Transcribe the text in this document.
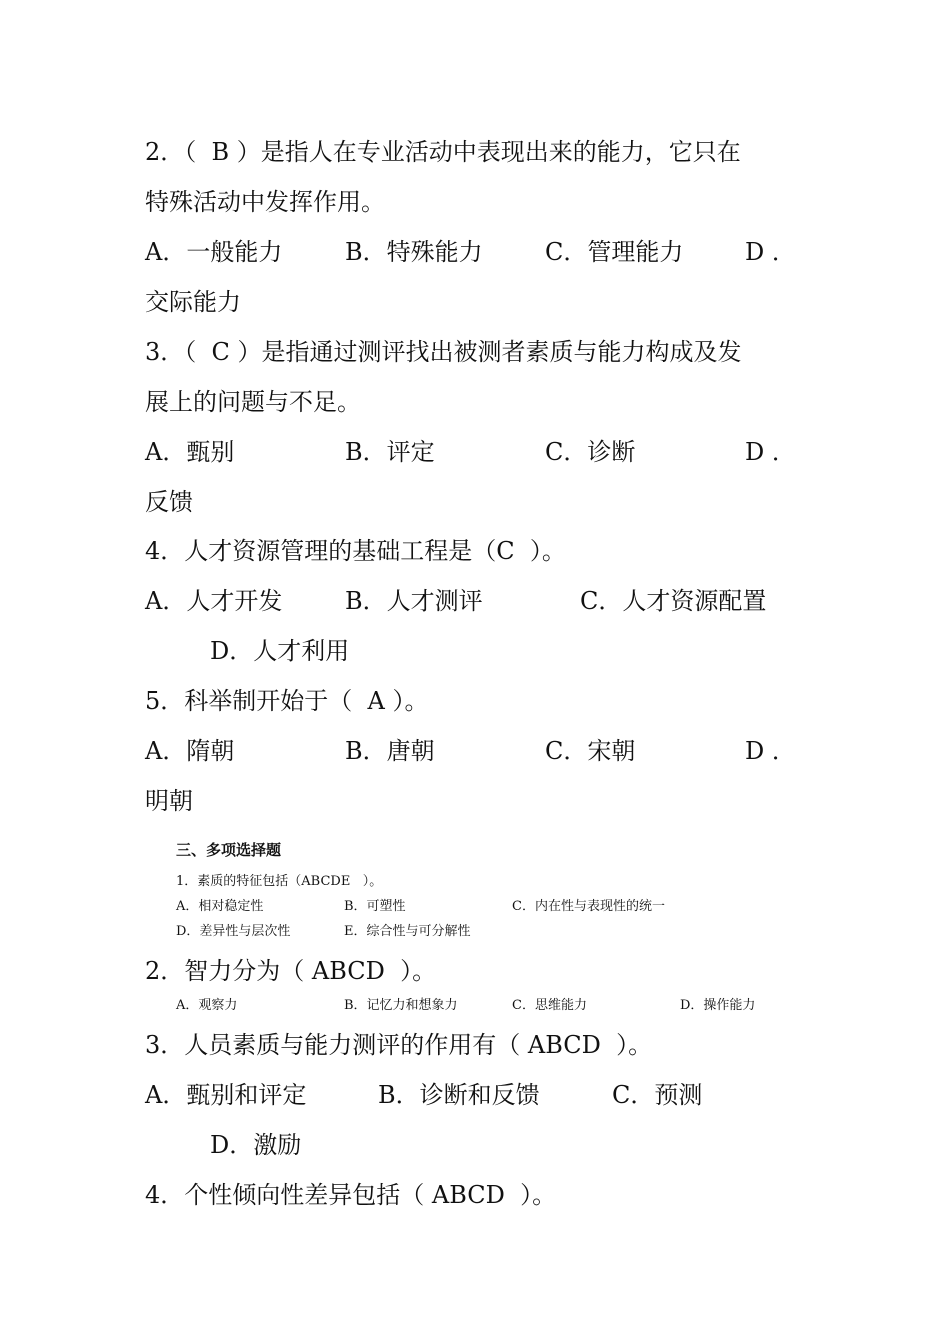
2．（  B ）是指人在专业活动中表现出来的能力，它只在
特殊活动中发挥作用。
A．一般能力	B．特殊能力	C．管理能力	D ．
交际能力
3．（  C ）是指通过测评找出被测者素质与能力构成及发
展上的问题与不足。
A．甄别	B．评定	C．诊断	D ．
反馈
4．人才资源管理的基础工程是（C  ）。
A．人才开发	B．人才测评	C．人才资源配置
D．人才利用
5．科举制开始于（  A ）。
A．隋朝	B．唐朝	C．宋朝	D ．
明朝
三、多项选择题
1．素质的特征包括（ABCDE   ）。
A．相对稳定性	B．可塑性	C．内在性与表现性的统一
D．差异性与层次性	E．综合性与可分解性
2．智力分为（ ABCD  ）。
A．观察力	B．记忆力和想象力	C．思维能力	D．操作能力
3．人员素质与能力测评的作用有（ ABCD  ）。
A．甄别和评定	B．诊断和反馈	C．预测
D．激励
4．个性倾向性差异包括（ ABCD  ）。
